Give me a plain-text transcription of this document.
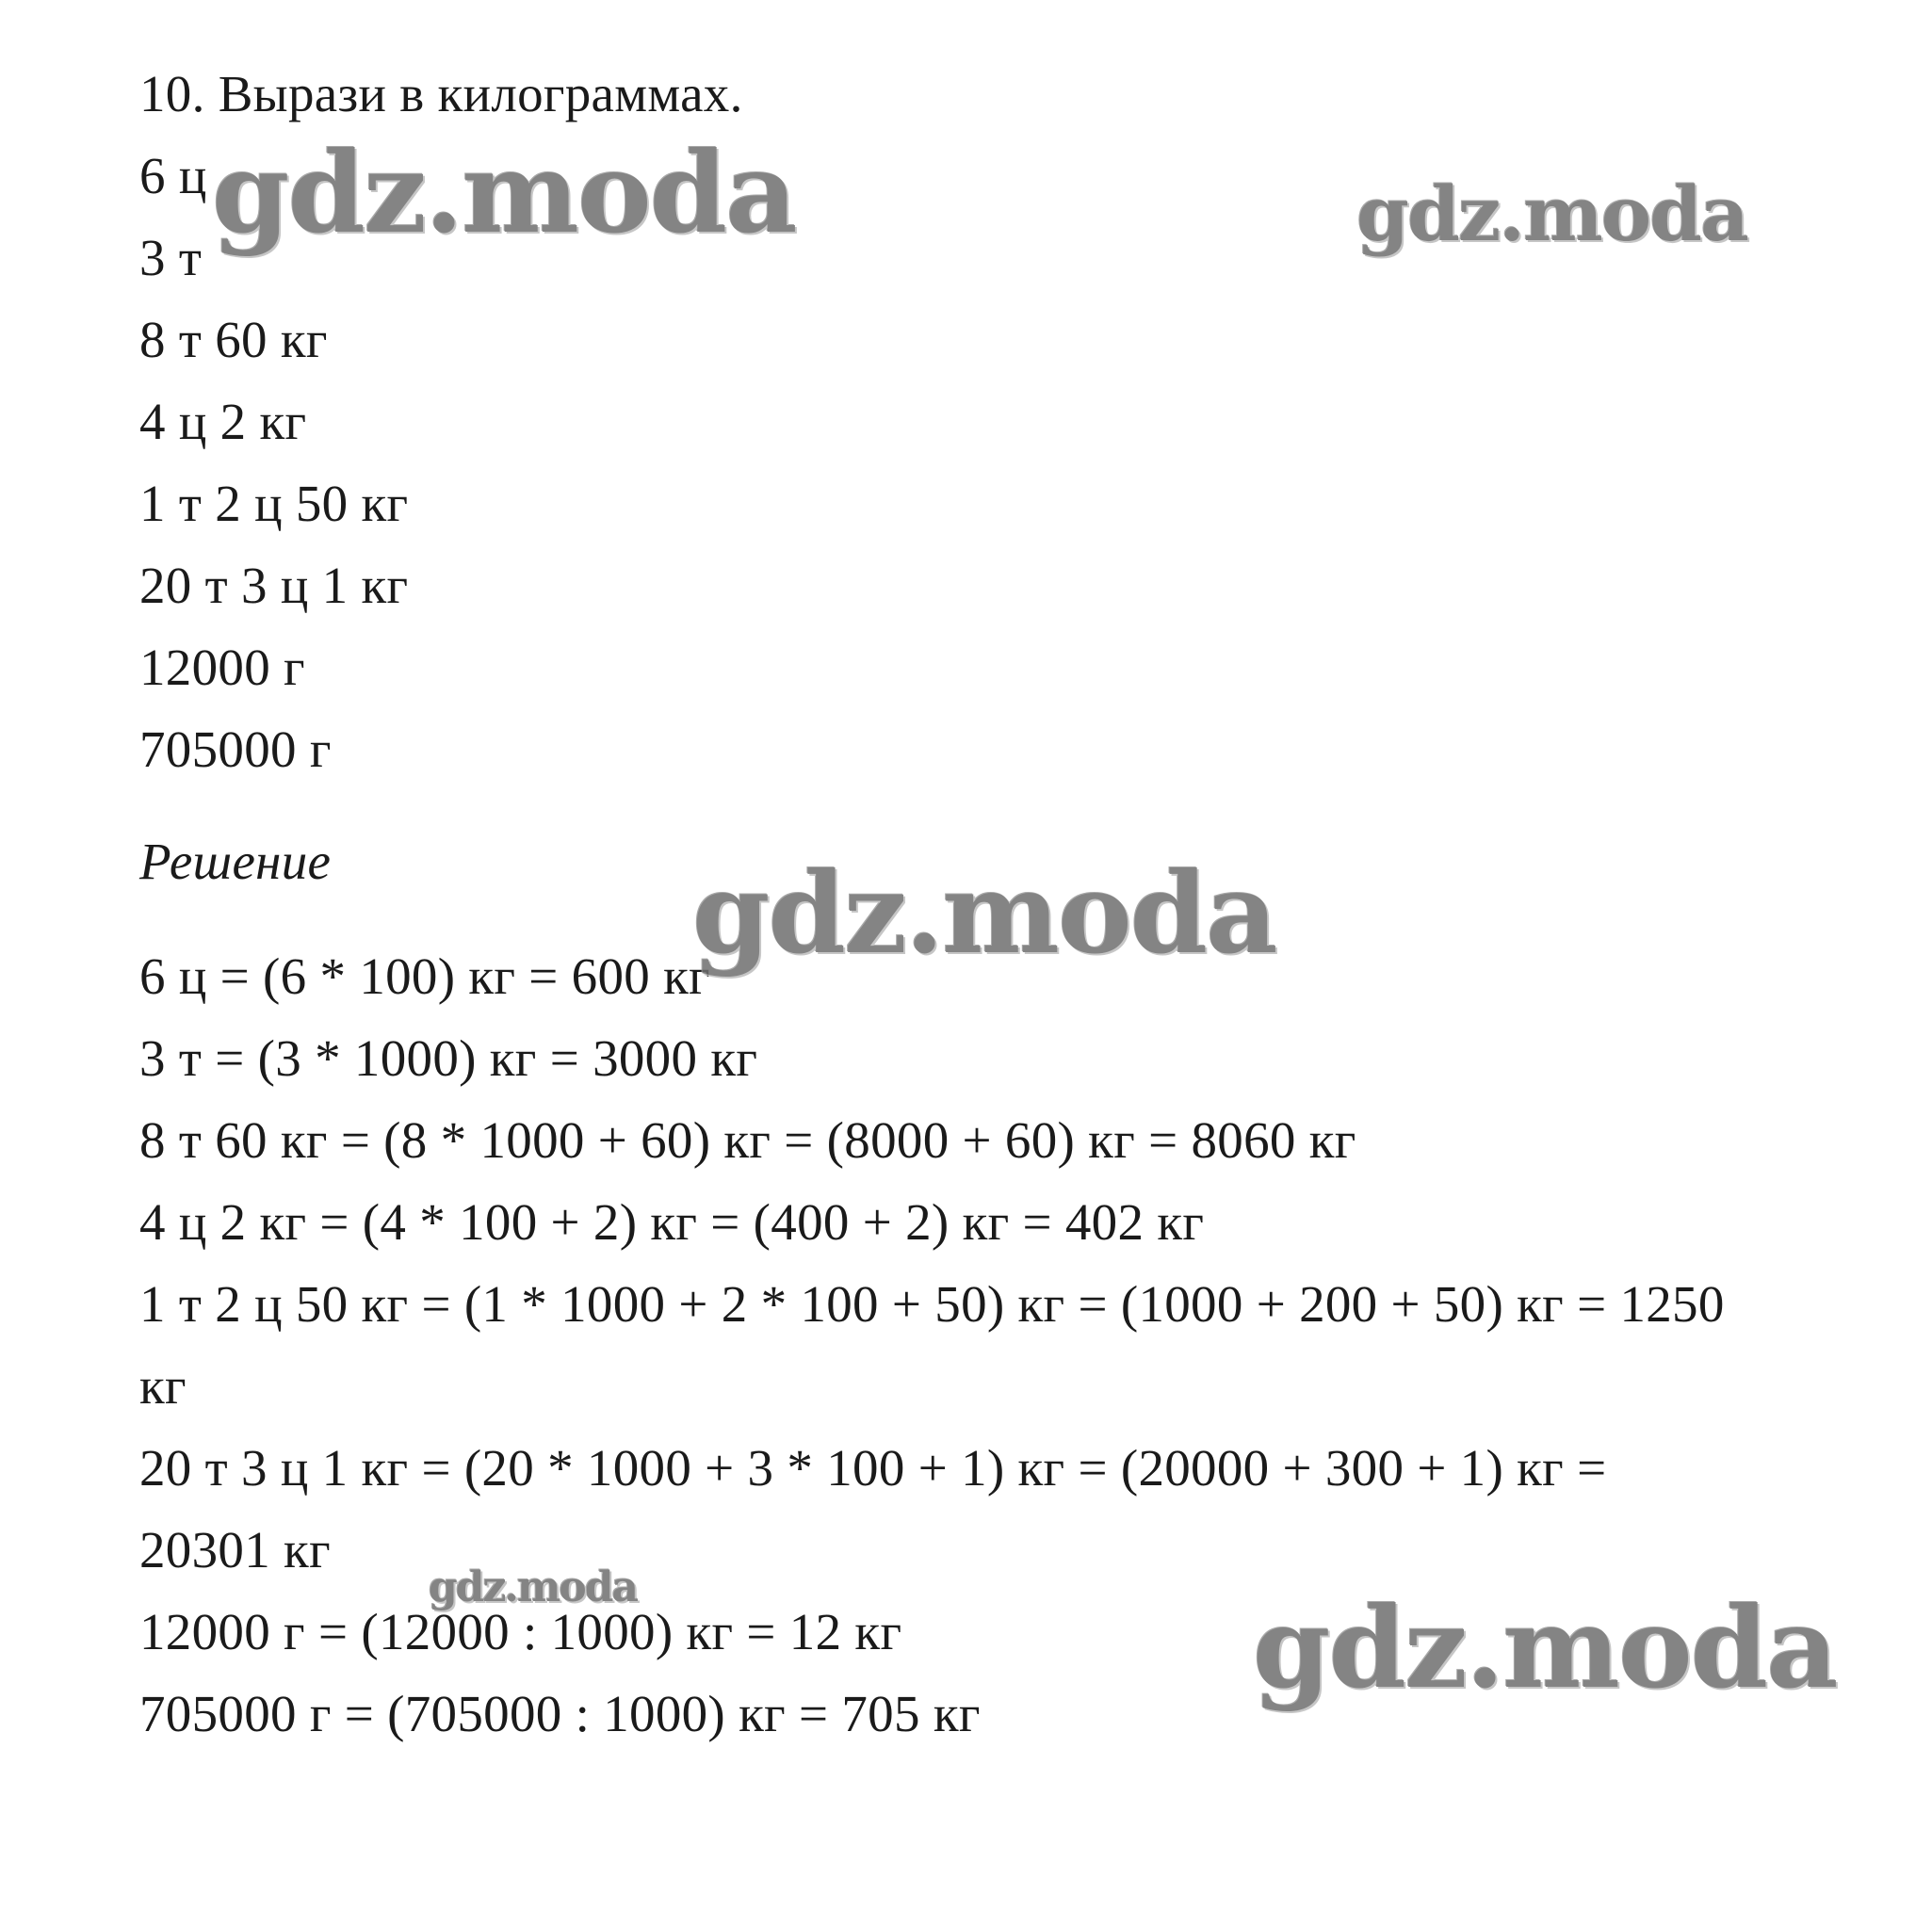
10. Вырази в килограммах.
6 ц
3 т
8 т 60 кг
4 ц 2 кг
1 т 2 ц 50 кг
20 т 3 ц 1 кг
12000 г
705000 г
Решение
6 ц = (6 * 100) кг = 600 кг
3 т = (3 * 1000) кг = 3000 кг
8 т 60 кг = (8 * 1000 + 60) кг = (8000 + 60) кг = 8060 кг
4 ц 2 кг = (4 * 100 + 2) кг = (400 + 2) кг = 402 кг
1 т 2 ц 50 кг = (1 * 1000 + 2 * 100 + 50) кг = (1000 + 200 + 50) кг = 1250
кг
20 т 3 ц 1 кг = (20 * 1000 + 3 * 100 + 1) кг = (20000 + 300 + 1) кг =
20301 кг
12000 г = (12000 : 1000) кг = 12 кг
705000 г = (705000 : 1000) кг = 705 кг
gdz.moda	gdz.moda
gdz.moda
gdz.moda	gdz.moda
